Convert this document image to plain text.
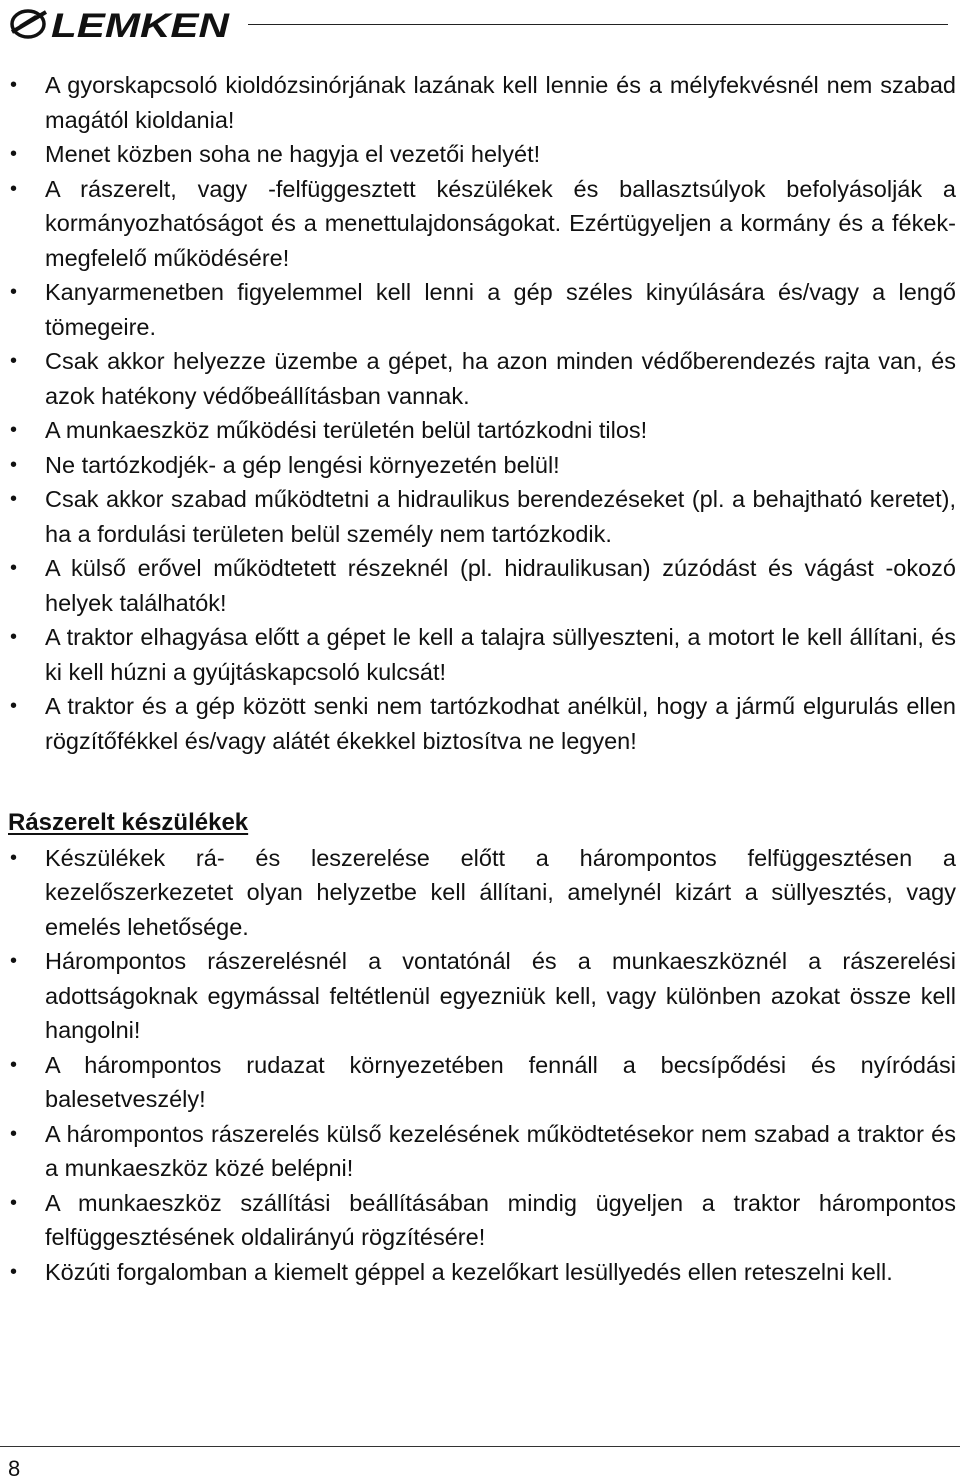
LEMKEN
• A gyorskapcsoló kioldózsinórjának lazának kell lennie és a mélyfekvésnél nem szabad magától kioldania!
• Menet közben soha ne hagyja el vezetői helyét!
• A rászerelt, vagy -felfüggesztett készülékek és ballasztsúlyok befolyásolják a kormányozhatóságot és a menettulajdonságokat. Ezértügyeljen a kormány és a fékek- megfelelő működésére!
• Kanyarmenetben figyelemmel kell lenni a gép széles kinyúlására és/vagy a lengő tömegeire.
• Csak akkor helyezze üzembe a gépet, ha azon minden védőberendezés rajta van, és azok hatékony védőbeállításban vannak.
• A munkaeszköz működési területén belül tartózkodni tilos!
• Ne tartózkodjék- a gép lengési környezetén belül!
• Csak akkor szabad működtetni a hidraulikus berendezéseket (pl. a behajtható keretet), ha a fordulási területen belül személy nem tartózkodik.
• A külső erővel működtetett részeknél (pl. hidraulikusan) zúzódást és vágást -okozó helyek találhatók!
• A traktor elhagyása előtt a gépet le kell a talajra süllyeszteni, a motort le kell állítani, és ki kell húzni a gyújtáskapcsoló kulcsát!
• A traktor és a gép között senki nem tartózkodhat anélkül, hogy a jármű elgurulás ellen rögzítőfékkel és/vagy alátét ékekkel biztosítva ne legyen!
Rászerelt készülékek
• Készülékek rá- és leszerelése előtt a hárompontos felfüggesztésen a kezelőszerkezetet olyan helyzetbe kell állítani, amelynél kizárt a süllyesztés, vagy emelés lehetősége.
• Hárompontos rászerelésnél a vontatónál és a munkaeszköznél a rászerelési adottságoknak egymással feltétlenül egyezniük kell, vagy különben azokat össze kell hangolni!
• A hárompontos rudazat környezetében fennáll a becsípődési és nyíródási balesetveszély!
• A hárompontos rászerelés külső kezelésének működtetésekor nem szabad a traktor és a munkaeszköz közé belépni!
• A munkaeszköz szállítási beállításában mindig ügyeljen a traktor hárompontos felfüggesztésének oldalirányú rögzítésére!
• Közúti forgalomban a kiemelt géppel a kezelőkart lesüllyedés ellen reteszelni kell.
8
